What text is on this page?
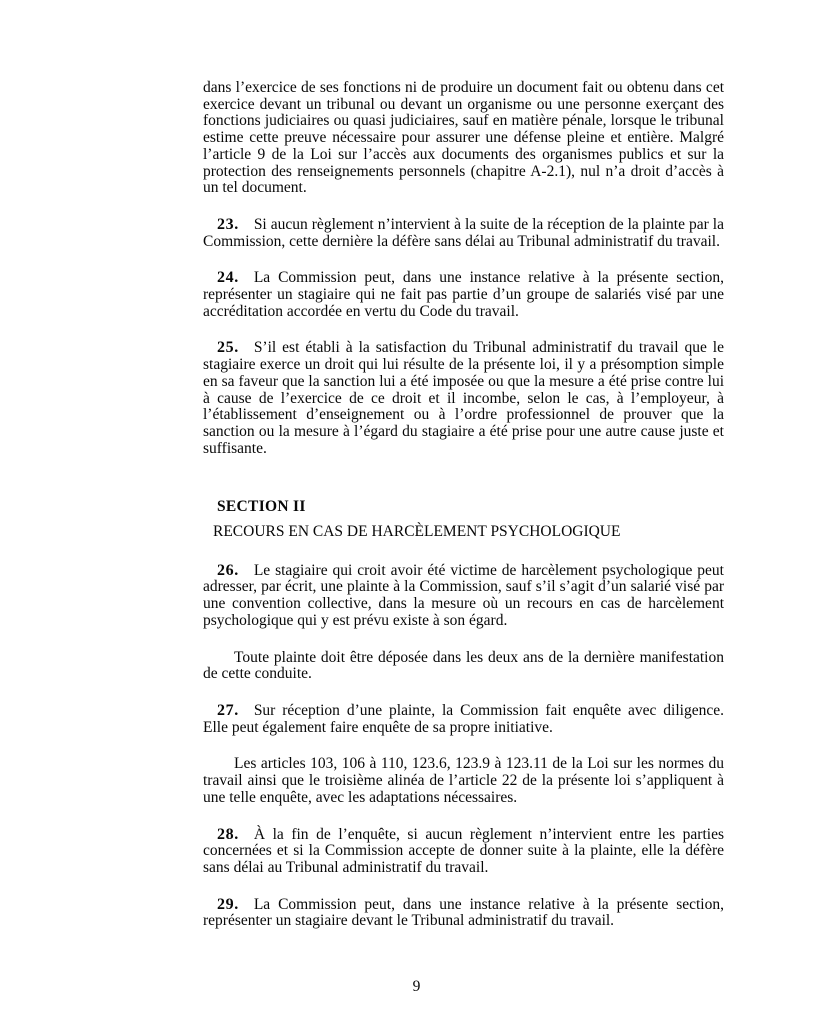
dans l’exercice de ses fonctions ni de produire un document fait ou obtenu dans cet exercice devant un tribunal ou devant un organisme ou une personne exerçant des fonctions judiciaires ou quasi judiciaires, sauf en matière pénale, lorsque le tribunal estime cette preuve nécessaire pour assurer une défense pleine et entière. Malgré l’article 9 de la Loi sur l’accès aux documents des organismes publics et sur la protection des renseignements personnels (chapitre A-2.1), nul n’a droit d’accès à un tel document.

23. Si aucun règlement n’intervient à la suite de la réception de la plainte par la Commission, cette dernière la défère sans délai au Tribunal administratif du travail.

24. La Commission peut, dans une instance relative à la présente section, représenter un stagiaire qui ne fait pas partie d’un groupe de salariés visé par une accréditation accordée en vertu du Code du travail.

25. S’il est établi à la satisfaction du Tribunal administratif du travail que le stagiaire exerce un droit qui lui résulte de la présente loi, il y a présomption simple en sa faveur que la sanction lui a été imposée ou que la mesure a été prise contre lui à cause de l’exercice de ce droit et il incombe, selon le cas, à l’employeur, à l’établissement d’enseignement ou à l’ordre professionnel de prouver que la sanction ou la mesure à l’égard du stagiaire a été prise pour une autre cause juste et suffisante.

SECTION II
RECOURS EN CAS DE HARCÈLEMENT PSYCHOLOGIQUE

26. Le stagiaire qui croit avoir été victime de harcèlement psychologique peut adresser, par écrit, une plainte à la Commission, sauf s’il s’agit d’un salarié visé par une convention collective, dans la mesure où un recours en cas de harcèlement psychologique qui y est prévu existe à son égard.

Toute plainte doit être déposée dans les deux ans de la dernière manifestation de cette conduite.

27. Sur réception d’une plainte, la Commission fait enquête avec diligence. Elle peut également faire enquête de sa propre initiative.

Les articles 103, 106 à 110, 123.6, 123.9 à 123.11 de la Loi sur les normes du travail ainsi que le troisième alinéa de l’article 22 de la présente loi s’appliquent à une telle enquête, avec les adaptations nécessaires.

28. À la fin de l’enquête, si aucun règlement n’intervient entre les parties concernées et si la Commission accepte de donner suite à la plainte, elle la défère sans délai au Tribunal administratif du travail.

29. La Commission peut, dans une instance relative à la présente section, représenter un stagiaire devant le Tribunal administratif du travail.

9
